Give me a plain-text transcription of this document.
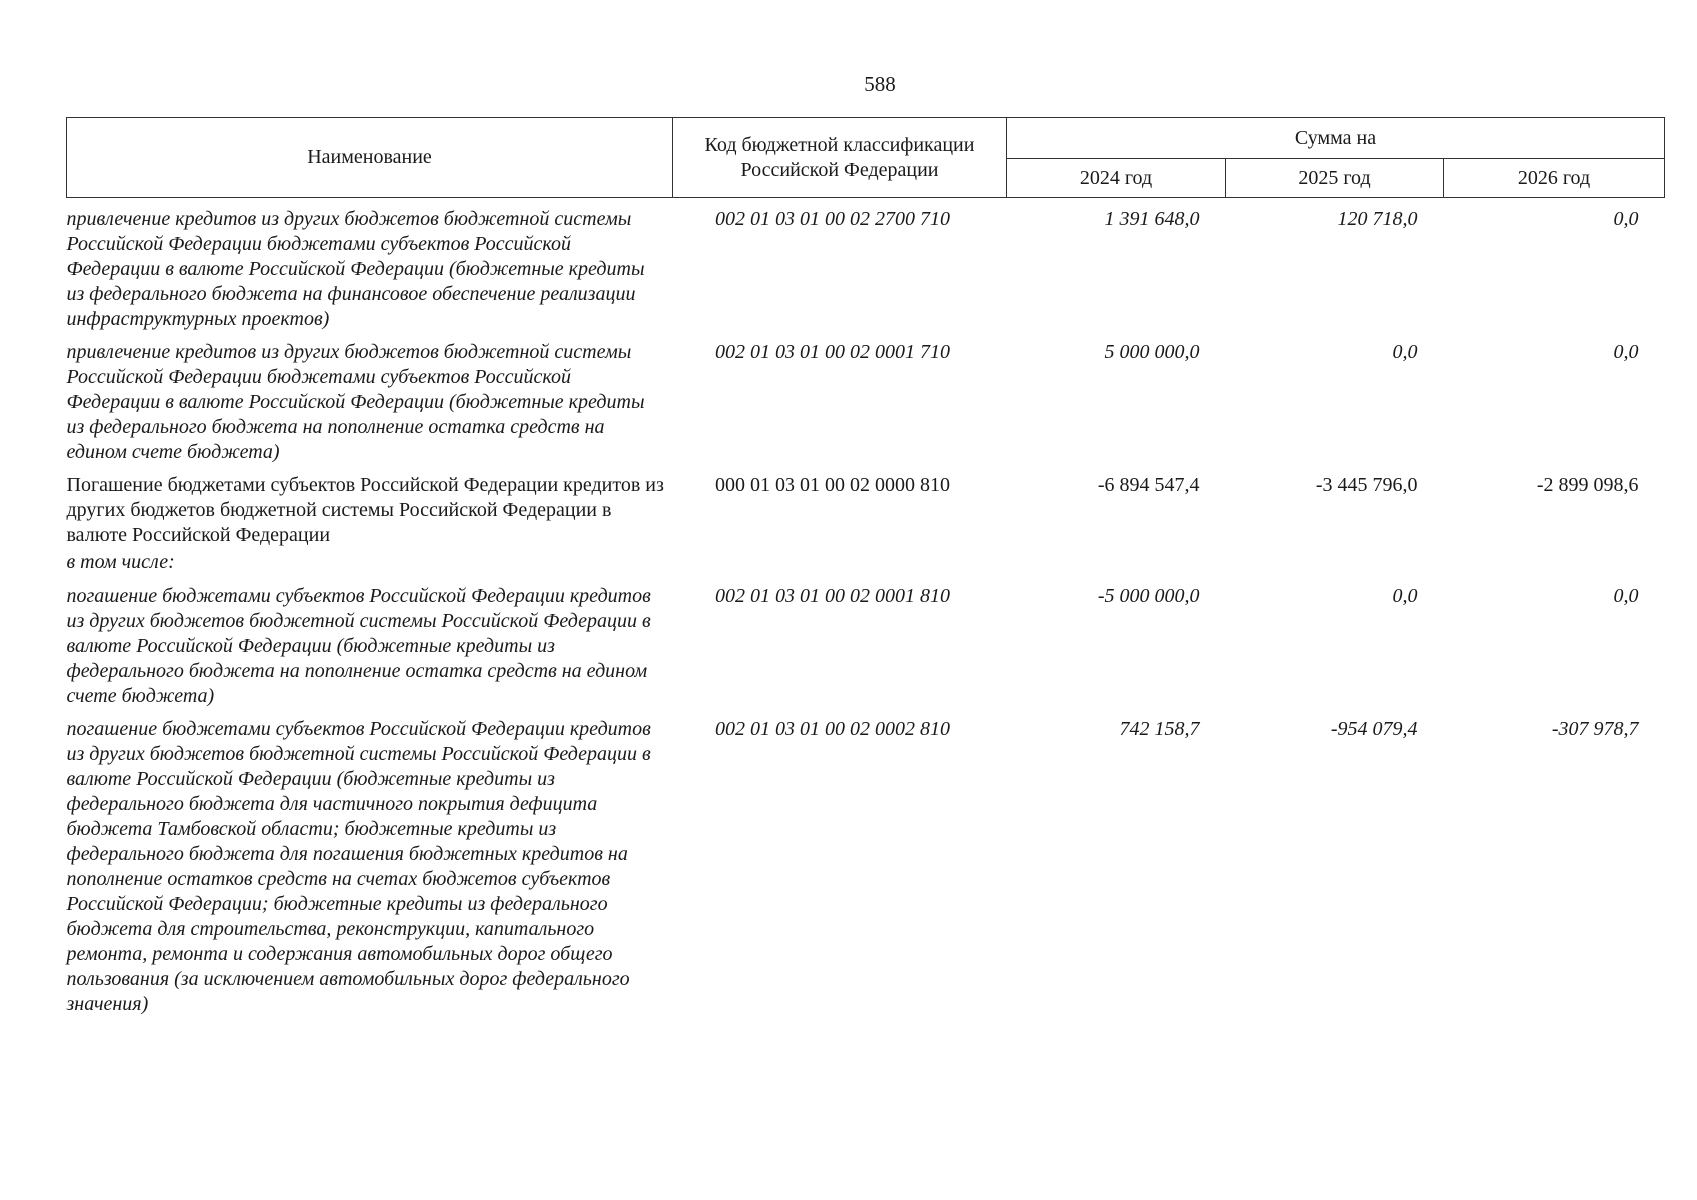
588
Наименование	Код бюджетной классификации Российской Федерации	Сумма на		
		2024 год	2025 год	2026 год
привлечение кредитов из других бюджетов бюджетной системы Российской Федерации бюджетами субъектов Российской Федерации в валюте Российской Федерации (бюджетные кредиты из федерального бюджета на финансовое обеспечение реализации инфраструктурных проектов)	002 01 03 01 00 02 2700 710	1 391 648,0	120 718,0	0,0
привлечение кредитов из других бюджетов бюджетной системы Российской Федерации бюджетами субъектов Российской Федерации в валюте Российской Федерации (бюджетные кредиты из федерального бюджета на пополнение остатка средств на едином счете бюджета)	002 01 03 01 00 02 0001 710	5 000 000,0	0,0	0,0
Погашение бюджетами субъектов Российской Федерации кредитов из других бюджетов бюджетной системы Российской Федерации в валюте Российской Федерации	000 01 03 01 00 02 0000 810	-6 894 547,4	-3 445 796,0	-2 899 098,6
в том числе:				
погашение бюджетами субъектов Российской Федерации кредитов из других бюджетов бюджетной системы Российской Федерации в валюте Российской Федерации (бюджетные кредиты из федерального бюджета на пополнение остатка средств на едином счете бюджета)	002 01 03 01 00 02 0001 810	-5 000 000,0	0,0	0,0
погашение бюджетами субъектов Российской Федерации кредитов из других бюджетов бюджетной системы Российской Федерации в валюте Российской Федерации (бюджетные кредиты из федерального бюджета для частичного покрытия дефицита бюджета Тамбовской области; бюджетные кредиты из федерального бюджета для погашения бюджетных кредитов на пополнение остатков средств на счетах бюджетов субъектов Российской Федерации; бюджетные кредиты из федерального бюджета для строительства, реконструкции, капитального ремонта, ремонта и содержания автомобильных дорог общего пользования (за исключением автомобильных дорог федерального значения)	002 01 03 01 00 02 0002 810	742 158,7	-954 079,4	-307 978,7
